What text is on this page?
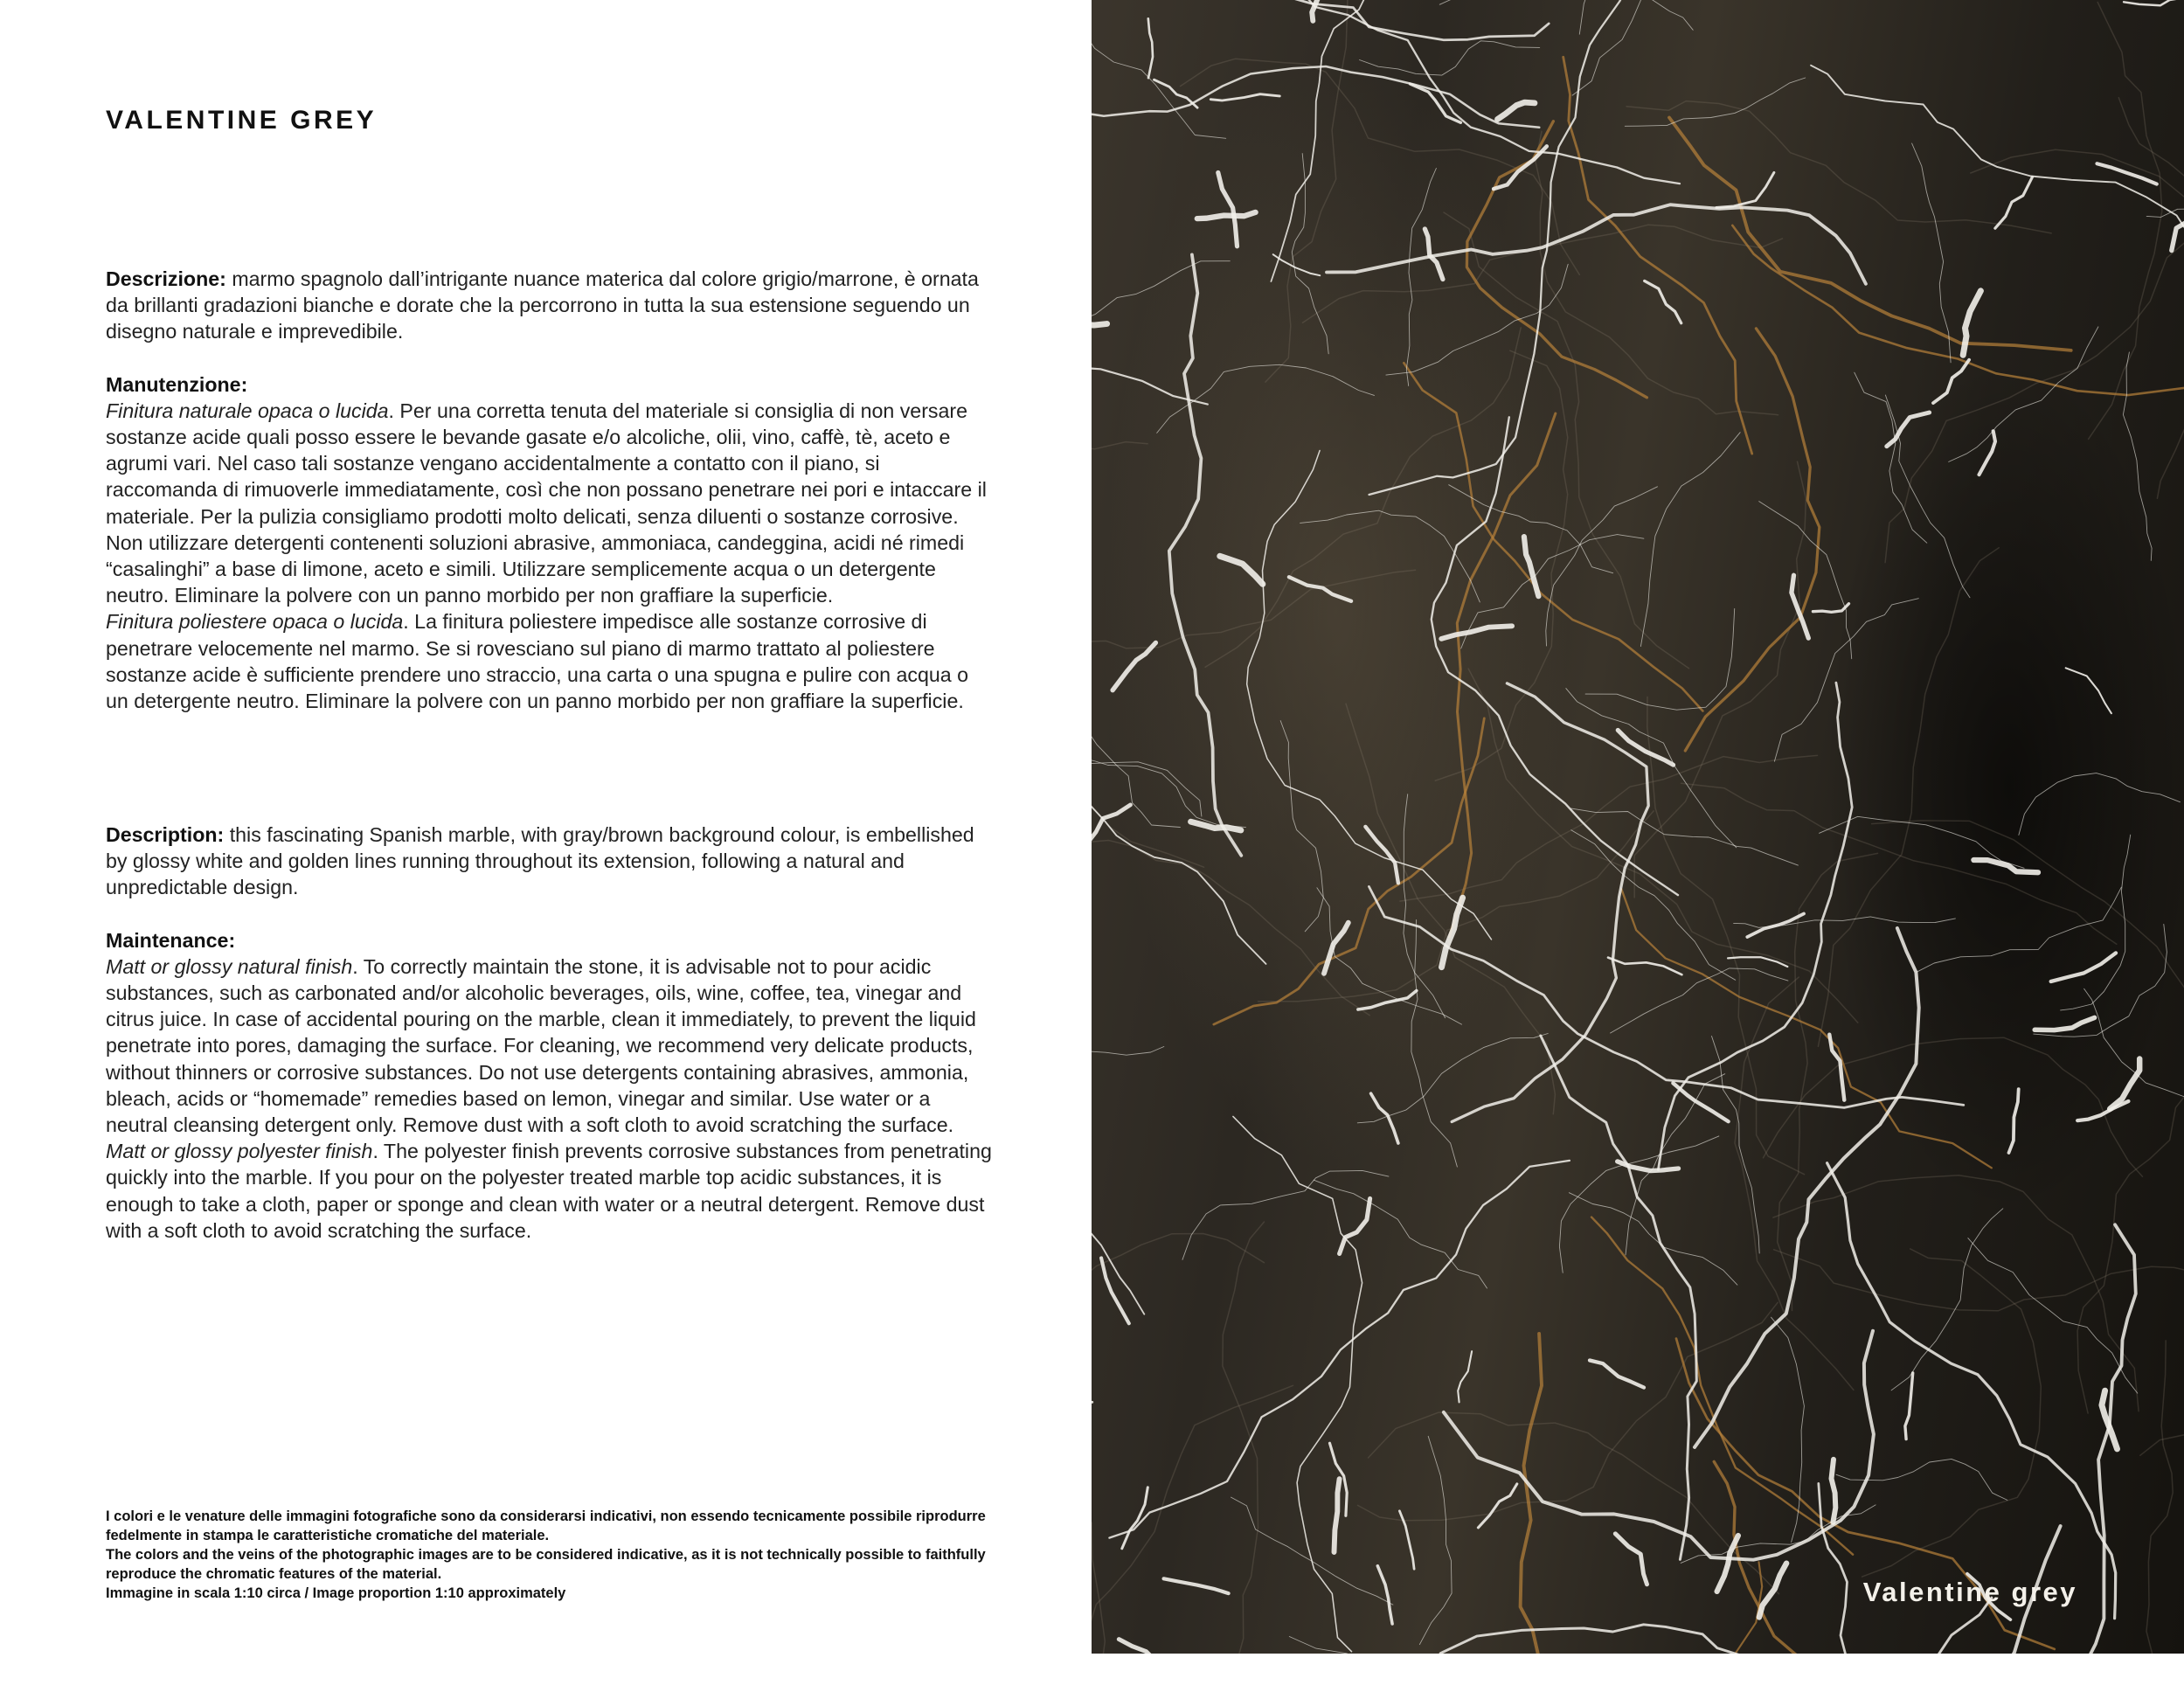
VALENTINE GREY

Descrizione: marmo spagnolo dall’intrigante nuance materica dal colore grigio/marrone, è ornata da brillanti gradazioni bianche e dorate che la percorrono in tutta la sua estensione seguendo un disegno naturale e imprevedibile.

Manutenzione:

Finitura naturale opaca o lucida. Per una corretta tenuta del materiale si consiglia di non versare sostanze acide quali posso essere le bevande gasate e/o alcoliche, olii, vino, caffè, tè, aceto e agrumi vari. Nel caso tali sostanze vengano accidentalmente a contatto con il piano, si raccomanda di rimuoverle immediatamente, così che non possano penetrare nei pori e intaccare il materiale. Per la pulizia consigliamo prodotti molto delicati, senza diluenti o sostanze corrosive. Non utilizzare detergenti contenenti soluzioni abrasive, ammoniaca, candeggina, acidi né rimedi “casalinghi” a base di limone, aceto e simili. Utilizzare semplicemente acqua o un detergente neutro. Eliminare la polvere con un panno morbido per non graffiare la superficie.

Finitura poliestere opaca o lucida. La finitura poliestere impedisce alle sostanze corrosive di penetrare velocemente nel marmo. Se si rovesciano sul piano di marmo trattato al poliestere sostanze acide è sufficiente prendere uno straccio, una carta o una spugna e pulire con acqua o un detergente neutro. Eliminare la polvere con un panno morbido per non graffiare la superficie.

Description: this fascinating Spanish marble, with gray/brown background colour, is embellished by glossy white and golden lines running throughout its extension, following a natural and unpredictable design.

Maintenance:

Matt or glossy natural finish. To correctly maintain the stone, it is advisable not to pour acidic substances, such as carbonated and/or alcoholic beverages, oils, wine, coffee, tea, vinegar and citrus juice. In case of accidental pouring on the marble, clean it immediately, to prevent the liquid penetrate into pores, damaging the surface. For cleaning, we recommend very delicate products, without thinners or corrosive substances. Do not use detergents containing abrasives, ammonia, bleach, acids or “homemade” remedies based on lemon, vinegar and similar. Use water or a neutral cleansing detergent only. Remove dust with a soft cloth to avoid scratching the surface.

Matt or glossy polyester finish. The polyester finish prevents corrosive substances from penetrating quickly into the marble. If you pour on the polyester treated marble top acidic substances, it is enough to take a cloth, paper or sponge and clean with water or a neutral detergent. Remove dust with a soft cloth to avoid scratching the surface.

I colori e le venature delle immagini fotografiche sono da considerarsi indicativi, non essendo tecnicamente possibile riprodurre fedelmente in stampa le caratteristiche cromatiche del materiale.

The colors and the veins of the photographic images are to be considered indicative, as it is not technically possible to faithfully reproduce the chromatic features of the material.

Immagine in scala 1:10 circa / Image proportion 1:10 approximately	Valentine grey
